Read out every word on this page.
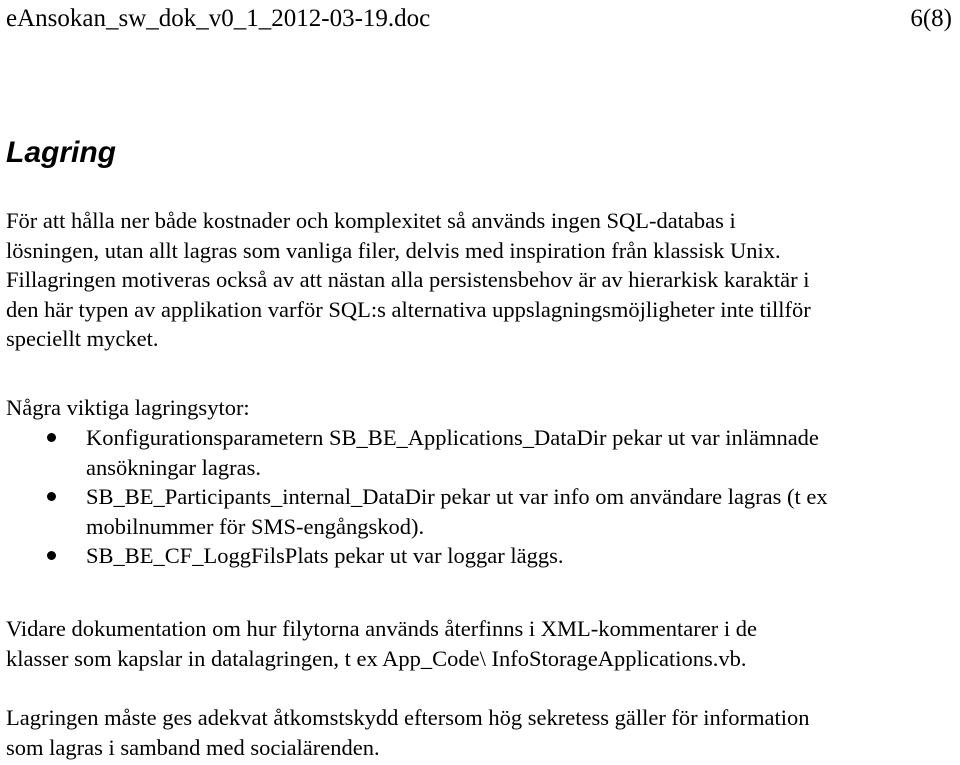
eAnsokan_sw_dok_v0_1_2012-03-19.doc	6(8)
Lagring

För att hålla ner både kostnader och komplexitet så används ingen SQL-databas i
lösningen, utan allt lagras som vanliga filer, delvis med inspiration från klassisk Unix.
Fillagringen motiveras också av att nästan alla persistensbehov är av hierarkisk karaktär i
den här typen av applikation varför SQL:s alternativa uppslagningsmöjligheter inte tillför
speciellt mycket.

Några viktiga lagringsytor:

Konfigurationsparametern SB_BE_Applications_DataDir pekar ut var inlämnade
ansökningar lagras.
SB_BE_Participants_internal_DataDir pekar ut var info om användare lagras (t ex
mobilnummer för SMS-engångskod).
SB_BE_CF_LoggFilsPlats pekar ut var loggar läggs.

Vidare dokumentation om hur filytorna används återfinns i XML-kommentarer i de
klasser som kapslar in datalagringen, t ex App_Code\ InfoStorageApplications.vb.

Lagringen måste ges adekvat åtkomstskydd eftersom hög sekretess gäller för information
som lagras i samband med socialärenden.
